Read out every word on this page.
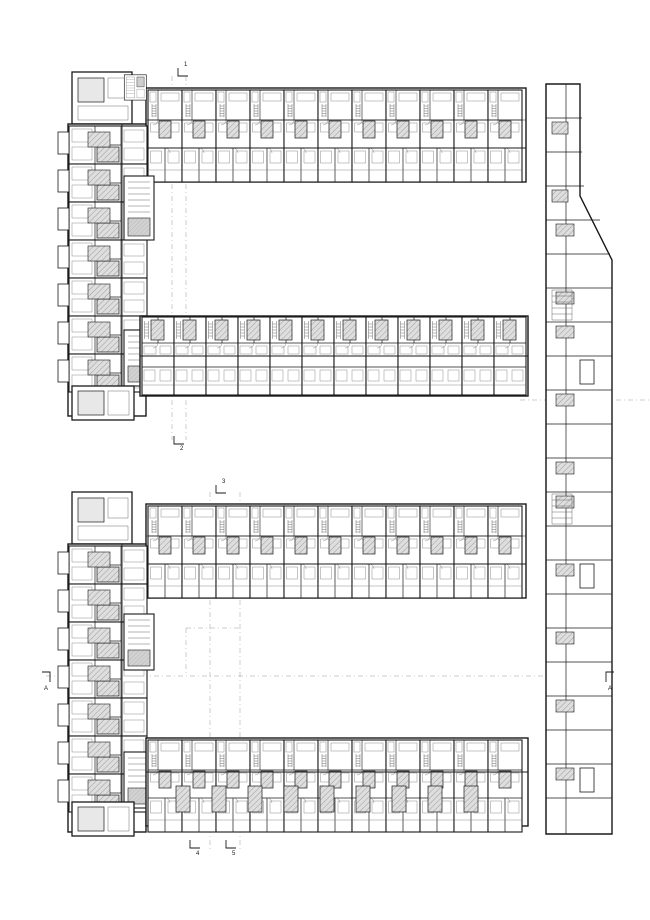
1
2
3
4	5
A	A
